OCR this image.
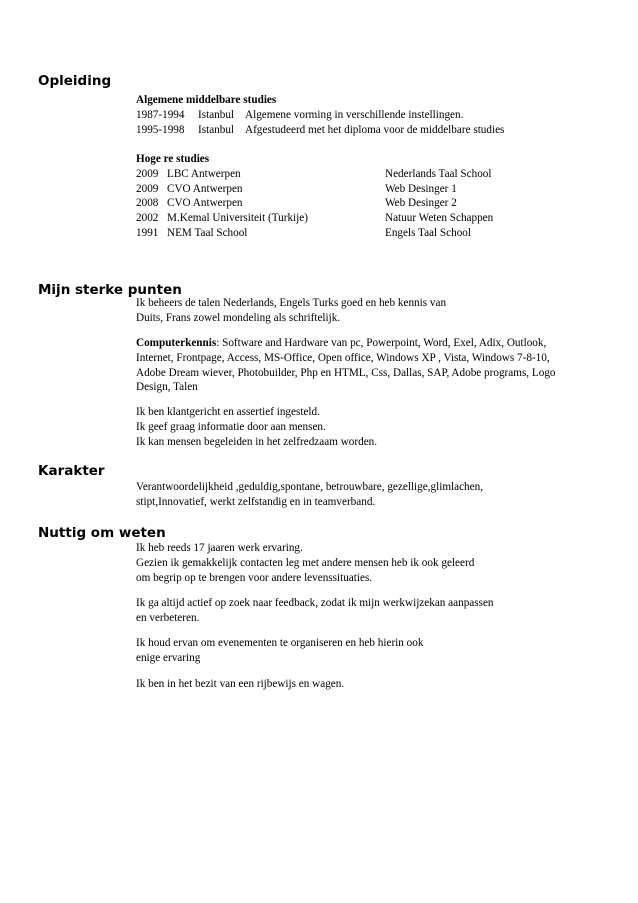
Opleiding
Algemene middelbare studies
1987-1994	Istanbul Algemene vorming in verschillende instellingen.
1995-1998	Istanbul Afgestudeerd met het diploma voor de middelbare studies
Hoge re studies
2009 LBC Antwerpen	Nederlands Taal School
2009 CVO Antwerpen	Web Desinger 1
2008 CVO Antwerpen	Web Desinger 2
2002 M.Kemal Universiteit (Turkije)	Natuur Weten Schappen
1991 NEM Taal School	Engels Taal School
Mijn sterke punten
Ik beheers de talen Nederlands, Engels Turks goed en heb kennis van
Duits, Frans zowel mondeling als schriftelijk.
Computerkennis: Software and Hardware van pc, Powerpoint, Word, Exel, Adix, Outlook,
Internet, Frontpage, Access, MS-Office, Open office, Windows XP , Vista, Windows 7-8-10,
Adobe Dream wiever, Photobuilder, Php en HTML, Css, Dallas, SAP, Adobe programs, Logo
Design, Talen
Ik ben klantgericht en assertief ingesteld.
Ik geef graag informatie door aan mensen.
Ik kan mensen begeleiden in het zelfredzaam worden.
Karakter
Verantwoordelijkheid ,geduldig,spontane, betrouwbare, gezellige,glimlachen,
stipt,Innovatief, werkt zelfstandig en in teamverband.
Nuttig om weten
Ik heb reeds 17 jaaren werk ervaring.
Gezien ik gemakkelijk contacten leg met andere mensen heb ik ook geleerd
om begrip op te brengen voor andere levenssituaties.
Ik ga altijd actief op zoek naar feedback, zodat ik mijn werkwijzekan aanpassen
en verbeteren.
Ik houd ervan om evenementen te organiseren en heb hierin ook
enige ervaring
Ik ben in het bezit van een rijbewijs en wagen.
